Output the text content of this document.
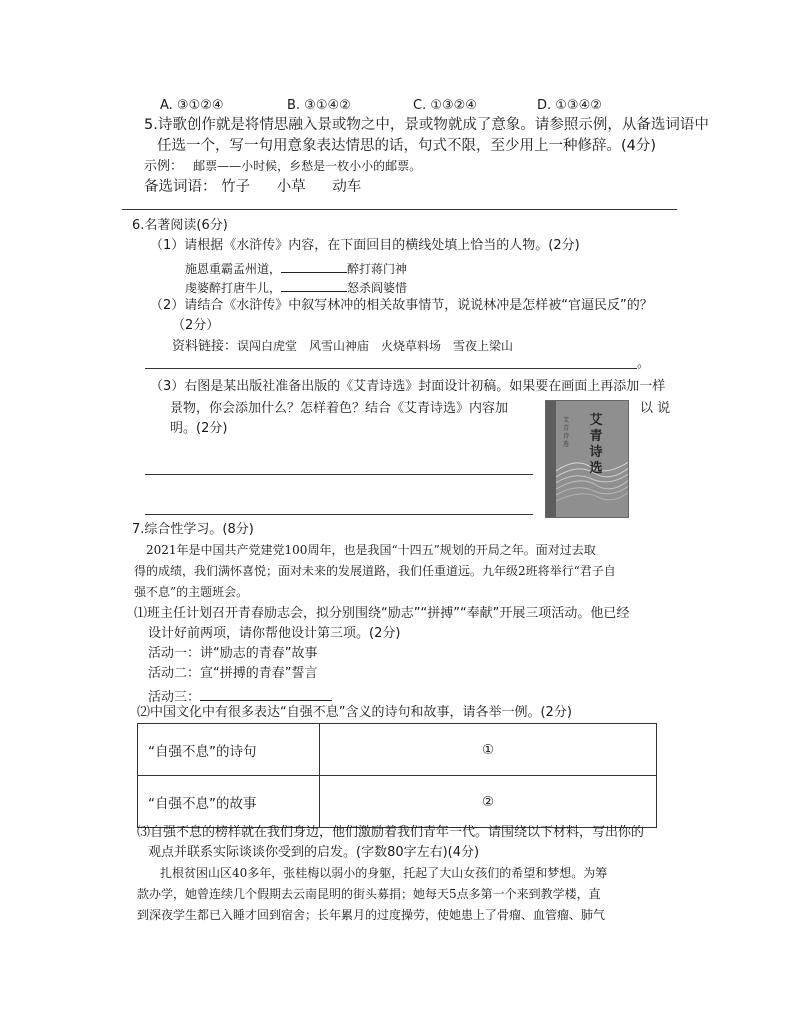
A. ③①②④	B. ③①④②	C. ①③②④	D. ①③④②
5.诗歌创作就是将情思融入景或物之中，景或物就成了意象。请参照示例，从备选词语中
任选一个，写一句用意象表达情思的话，句式不限，至少用上一种修辞。(4分)
示例： 邮票——小时候，乡愁是一枚小小的邮票。
备选词语： 竹子 小草 动车
6.名著阅读(6分)
（1）请根据《水浒传》内容，在下面回目的横线处填上恰当的人物。(2分)
施恩重霸孟州道，	醉打蒋门神
虔婆醉打唐牛儿，	怒杀阎婆惜
（2）请结合《水浒传》中叙写林冲的相关故事情节，说说林冲是怎样被“官逼民反”的？
（2分）
资料链接：误闯白虎堂　风雪山神庙　火烧草料场　雪夜上梁山
。
（3）右图是某出版社准备出版的《艾青诗选》封面设计初稿。如果要在画面上再添加一样
景物，你会添加什么？怎样着色？结合《艾青诗选》内容加	以 说
明。(2分)
艾青诗选
艾青诗选
7.综合性学习。(8分)
2021年是中国共产党建党100周年，也是我国“十四五”规划的开局之年。面对过去取
得的成绩，我们满怀喜悦；面对未来的发展道路，我们任重道远。九年级2班将举行“君子自
强不息”的主题班会。
⑴班主任计划召开青春励志会，拟分别围绕“励志”“拼搏”“奉献”开展三项活动。他已经
设计好前两项，请你帮他设计第三项。(2分)
活动一：讲“励志的青春”故事
活动二：宣“拼搏的青春”誓言
活动三：
⑵中国文化中有很多表达“自强不息”含义的诗句和故事，请各举一例。(2分)
“自强不息”的诗句	①
“自强不息”的故事	②
⑶自强不息的榜样就在我们身边，他们激励着我们青年一代。请围绕以下材料，写出你的
观点并联系实际谈谈你受到的启发。(字数80字左右)(4分)
扎根贫困山区40多年，张桂梅以弱小的身躯，托起了大山女孩们的希望和梦想。为筹
款办学，她曾连续几个假期去云南昆明的街头募捐；她每天5点多第一个来到教学楼，直
到深夜学生都已入睡才回到宿舍；长年累月的过度操劳，使她患上了骨瘤、血管瘤、肺气
